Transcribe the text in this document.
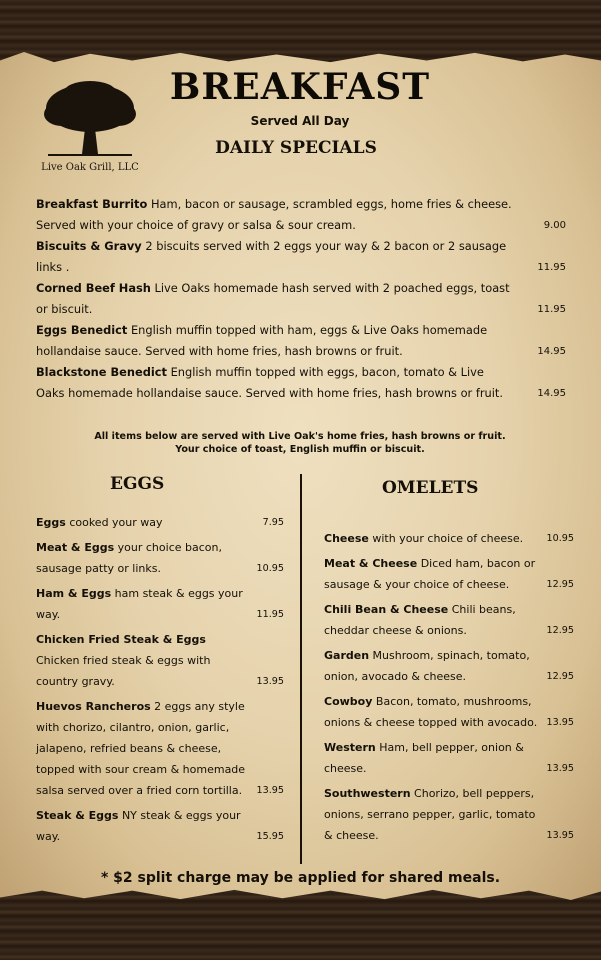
Live Oak Grill, LLC
BREAKFAST
Served All Day
DAILY SPECIALS
Breakfast Burrito Ham, bacon or sausage, scrambled eggs, home fries & cheese. Served with your choice of gravy or salsa & sour cream.	9.00
Biscuits & Gravy 2 biscuits served with 2 eggs your way & 2 bacon or 2 sausage links .	11.95
Corned Beef Hash Live Oaks homemade hash served with 2 poached eggs, toast or biscuit.	11.95
Eggs Benedict English muffin topped with ham, eggs & Live Oaks homemade hollandaise sauce. Served with home fries, hash browns or fruit.	14.95
Blackstone Benedict English muffin topped with eggs, bacon, tomato & Live Oaks homemade hollandaise sauce. Served with home fries, hash browns or fruit.	14.95
All items below are served with Live Oak's home fries, hash browns or fruit.
Your choice of toast, English muffin or biscuit.
EGGS	OMELETS
Eggs cooked your way	7.95
Meat & Eggs your choice bacon, sausage patty or links.	10.95
Ham & Eggs ham steak & eggs your way.	11.95
Chicken Fried Steak & Eggs Chicken fried steak & eggs with country gravy.	13.95
Huevos Rancheros 2 eggs any style with chorizo, cilantro, onion, garlic, jalapeno, refried beans & cheese, topped with sour cream & homemade salsa served over a fried corn tortilla. 13.95
Steak & Eggs NY steak & eggs your way.	15.95
Cheese with your choice of cheese. 10.95
Meat & Cheese Diced ham, bacon or sausage & your choice of cheese.	12.95
Chili Bean & Cheese Chili beans, cheddar cheese & onions.	12.95
Garden Mushroom, spinach, tomato, onion, avocado & cheese.	12.95
Cowboy Bacon, tomato, mushrooms, onions & cheese topped with avocado. 13.95
Western Ham, bell pepper, onion & cheese.	13.95
Southwestern Chorizo, bell peppers, onions, serrano pepper, garlic, tomato & cheese.	13.95
* $2 split charge may be applied for shared meals.
